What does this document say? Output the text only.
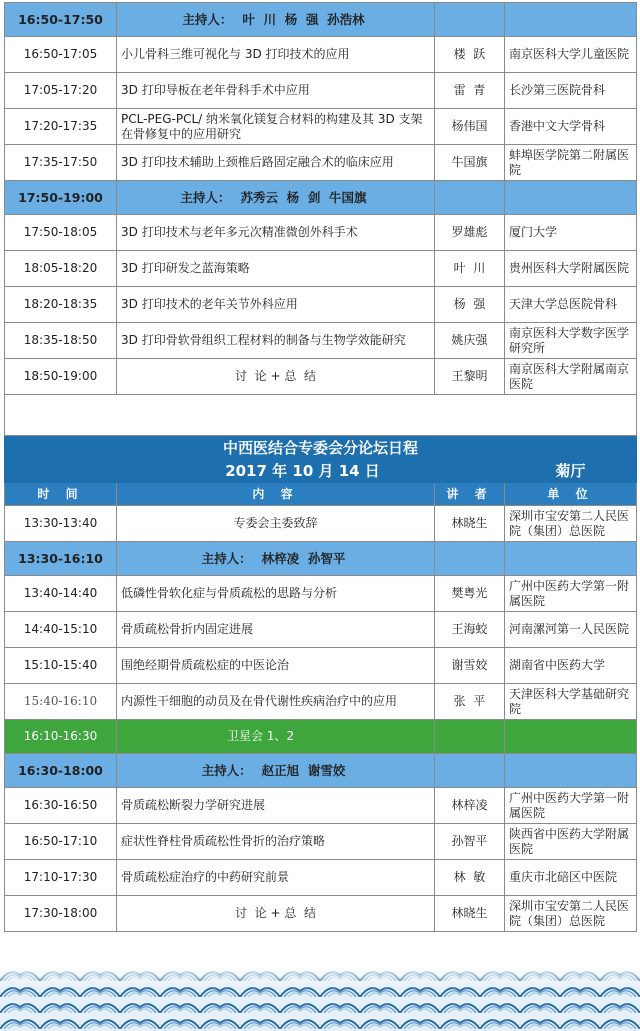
16:50-17:50	主持人： 叶  川  杨  强  孙浩林		
16:50-17:05	小儿骨科三维可视化与 3D 打印技术的应用	楼  跃	南京医科大学儿童医院
17:05-17:20	3D 打印导板在老年骨科手术中应用	雷  青	长沙第三医院骨科
17:20-17:35	PCL-PEG-PCL/ 纳米氧化镁复合材料的构建及其 3D 支架在骨修复中的应用研究	杨伟国	香港中文大学骨科
17:35-17:50	3D 打印技术辅助上颈椎后路固定融合术的临床应用	牛国旗	蚌埠医学院第二附属医院
17:50-19:00	主持人： 苏秀云  杨  剑  牛国旗		
17:50-18:05	3D 打印技术与老年多元次精准微创外科手术	罗雄彪	厦门大学
18:05-18:20	3D 打印研发之蓝海策略	叶  川	贵州医科大学附属医院
18:20-18:35	3D 打印技术的老年关节外科应用	杨  强	天津大学总医院骨科
18:35-18:50	3D 打印骨软骨组织工程材料的制备与生物学效能研究	姚庆强	南京医科大学数字医学研究所
18:50-19:00	讨  论 + 总  结	王黎明	南京医科大学附属南京医院

中西医结合专委会分论坛日程			
2017 年 10 月 14 日			菊厅
时 间	内 容	讲 者	单 位
13:30-13:40	专委会主委致辞	林晓生	深圳市宝安第二人民医院（集团）总医院
13:30-16:10	主持人： 林梓凌  孙智平		
13:40-14:40	低磷性骨软化症与骨质疏松的思路与分析	樊粤光	广州中医药大学第一附属医院
14:40-15:10	骨质疏松骨折内固定进展	王海蛟	河南漯河第一人民医院
15:10-15:40	围绝经期骨质疏松症的中医论治	谢雪姣	湖南省中医药大学
15:40-16:10	内源性干细胞的动员及在骨代谢性疾病治疗中的应用	张  平	天津医科大学基础研究院
16:10-16:30	卫星会 1、2		
16:30-18:00	主持人： 赵正旭  谢雪姣		
16:30-16:50	骨质疏松断裂力学研究进展	林梓凌	广州中医药大学第一附属医院
16:50-17:10	症状性脊柱骨质疏松性骨折的治疗策略	孙智平	陕西省中医药大学附属医院
17:10-17:30	骨质疏松症治疗的中药研究前景	林  敏	重庆市北碚区中医院
17:30-18:00	讨  论 + 总  结	林晓生	深圳市宝安第二人民医院（集团）总医院
